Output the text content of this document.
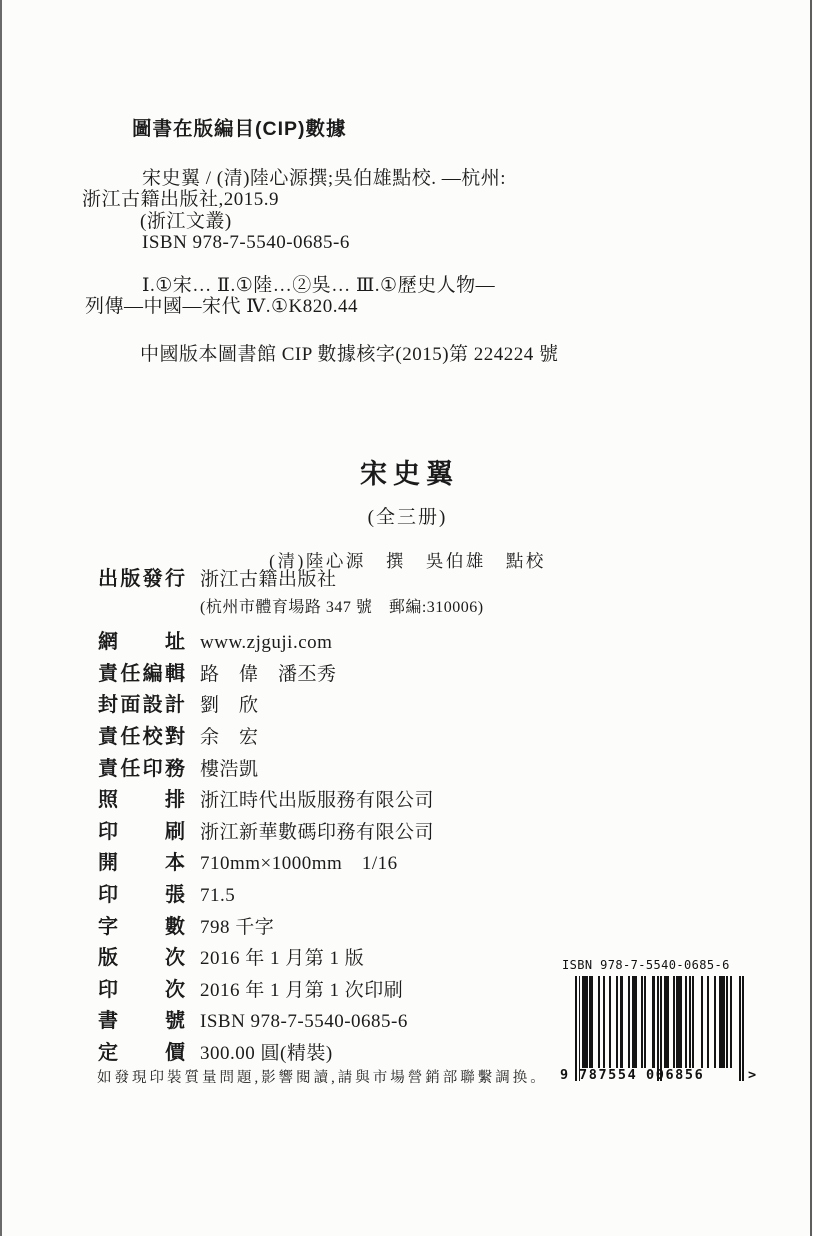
圖書在版編目(CIP)數據
宋史翼 / (清)陸心源撰;吳伯雄點校. —杭州:
浙江古籍出版社,2015.9
(浙江文叢)
ISBN 978-7-5540-0685-6
Ⅰ.①宋… Ⅱ.①陸…②吳… Ⅲ.①歷史人物—
列傳—中國—宋代 Ⅳ.①K820.44
中國版本圖書館 CIP 數據核字(2015)第 224224 號
宋史翼
(全三册)
(清)陸心源　撰　吳伯雄　點校
出版發行 浙江古籍出版社
(杭州市體育場路 347 號　郵編:310006)
網址 www.zjguji.com
責任編輯 路　偉　潘丕秀
封面設計 劉　欣
責任校對 余　宏
責任印務 樓浩凱
照排 浙江時代出版服務有限公司
印刷 浙江新華數碼印務有限公司
開本 710mm×1000mm　1/16
印張 71.5
字數 798 千字
版次 2016 年 1 月第 1 版
印次 2016 年 1 月第 1 次印刷
書號 ISBN 978-7-5540-0685-6
定價 300.00 圓(精裝)
如發現印裝質量問題,影響閱讀,請與市場營銷部聯繫調换。
ISBN 978-7-5540-0685-6
9 787554 006856	>
